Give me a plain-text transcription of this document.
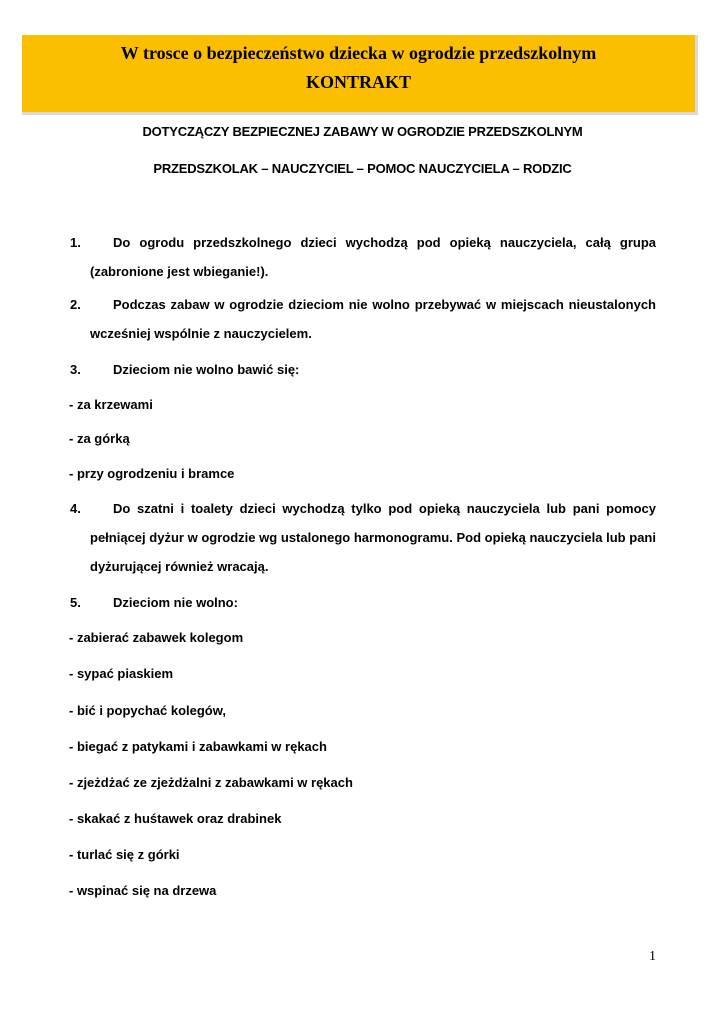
W trosce o bezpieczeństwo dziecka w ogrodzie przedszkolnym
KONTRAKT
DOTYCZĄCZY BEZPIECZNEJ ZABAWY W OGRODZIE PRZEDSZKOLNYM
PRZEDSZKOLAK – NAUCZYCIEL – POMOC NAUCZYCIELA – RODZIC
1.	Do ogrodu przedszkolnego dzieci wychodzą pod opieką nauczyciela, całą grupa (zabronione jest wbieganie!).
2.	Podczas zabaw w ogrodzie dzieciom nie wolno przebywać w miejscach nieustalonych wcześniej wspólnie z nauczycielem.
3. Dzieciom nie wolno bawić się:
- za krzewami
- za górką
- przy ogrodzeniu i bramce
4.	Do szatni i toalety dzieci wychodzą tylko pod opieką nauczyciela lub pani pomocy pełniącej dyżur w ogrodzie wg ustalonego harmonogramu. Pod opieką nauczyciela lub pani dyżurującej również wracają.
5. Dzieciom nie wolno:
- zabierać zabawek kolegom
- sypać piaskiem
- bić i popychać kolegów,
- biegać z patykami i zabawkami w rękach
- zjeżdżać ze zjeżdżalni z zabawkami w rękach
- skakać z huśtawek oraz drabinek
- turlać się z górki
- wspinać się na drzewa
1
